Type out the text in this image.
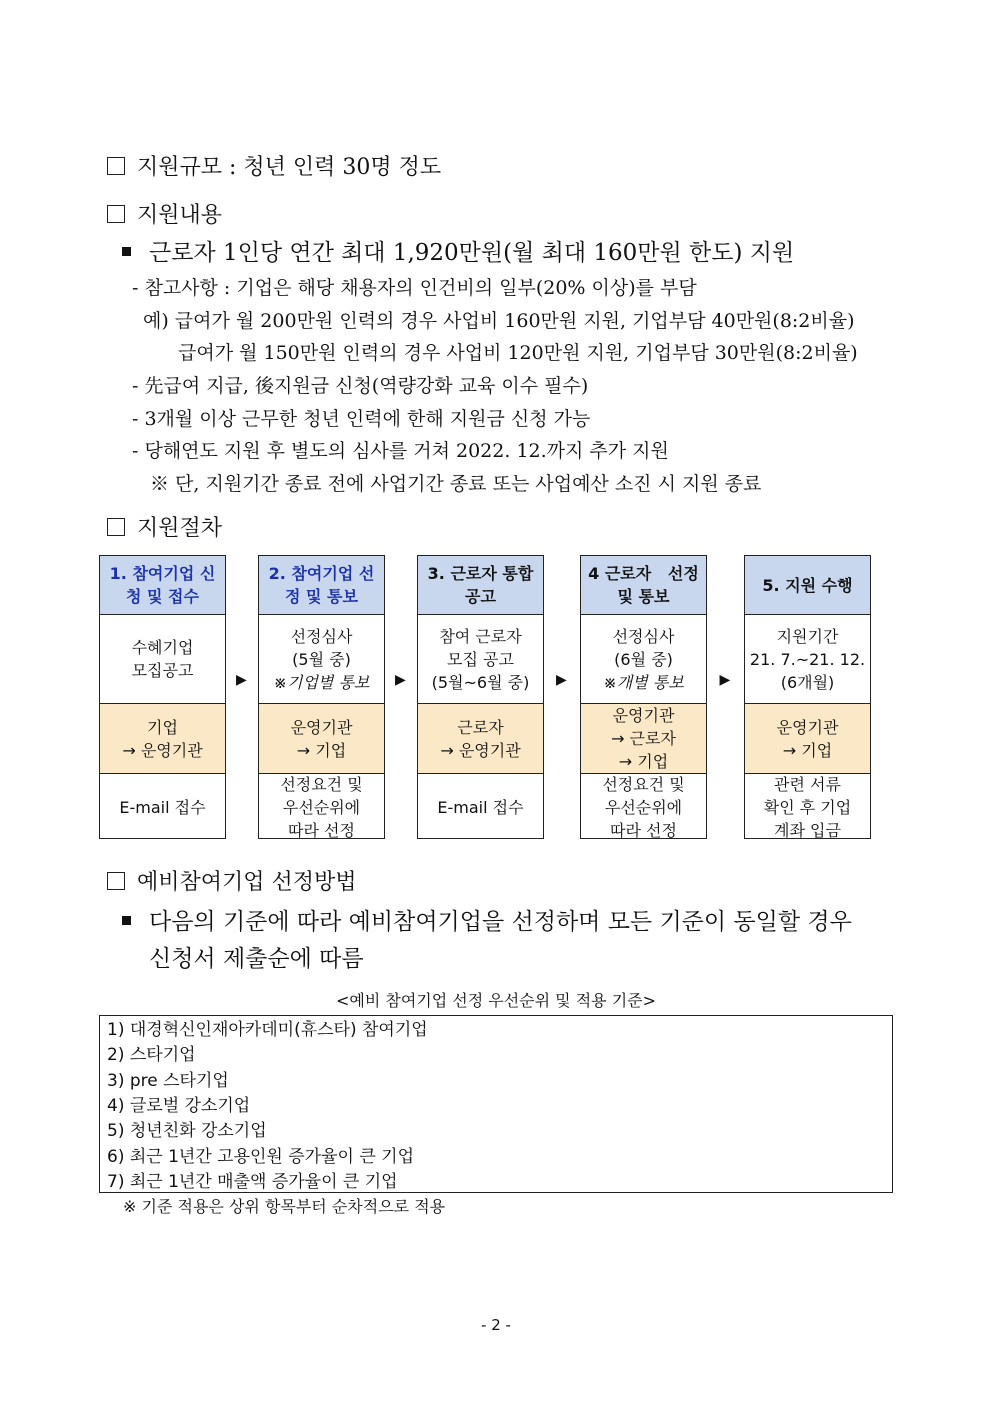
지원규모 : 청년 인력 30명 정도
지원내용
근로자 1인당 연간 최대 1,920만원(월 최대 160만원 한도) 지원
- 참고사항 : 기업은 해당 채용자의 인건비의 일부(20% 이상)를 부담
예) 급여가 월 200만원 인력의 경우 사업비 160만원 지원, 기업부담 40만원(8:2비율)
급여가 월 150만원 인력의 경우 사업비 120만원 지원, 기업부담 30만원(8:2비율)
- 先급여 지급, 後지원금 신청(역량강화 교육 이수 필수)
- 3개월 이상 근무한 청년 인력에 한해 지원금 신청 가능
- 당해연도 지원 후 별도의 심사를 거쳐 2022. 12.까지 추가 지원
※ 단, 지원기간 종료 전에 사업기간 종료 또는 사업예산 소진 시 지원 종료
지원절차
1. 참여기업 신
청 및 접수
수혜기업
모집공고
기업
→ 운영기관
E-mail 접수
▶
2. 참여기업 선
정 및 통보
선정심사
(5월 중)
※기업별 통보
운영기관
→ 기업
선정요건 및
우선순위에
따라 선정
▶
3. 근로자 통합
공고
참여 근로자
모집 공고
(5월~6월 중)
근로자
→ 운영기관
E-mail 접수
▶
4 근로자   선정
및 통보
선정심사
(6월 중)
※개별 통보
운영기관
→ 근로자
→ 기업
선정요건 및
우선순위에
따라 선정
▶
5. 지원 수행
지원기간
21. 7.~21. 12.
(6개월)
운영기관
→ 기업
관련 서류
확인 후 기업
계좌 입금
예비참여기업 선정방법
다음의 기준에 따라 예비참여기업을 선정하며 모든 기준이 동일할 경우
신청서 제출순에 따름
<예비 참여기업 선정 우선순위 및 적용 기준>
1) 대경혁신인재아카데미(휴스타) 참여기업
2) 스타기업
3) pre 스타기업
4) 글로벌 강소기업
5) 청년친화 강소기업
6) 최근 1년간 고용인원 증가율이 큰 기업
7) 최근 1년간 매출액 증가율이 큰 기업
※ 기준 적용은 상위 항목부터 순차적으로 적용
- 2 -
